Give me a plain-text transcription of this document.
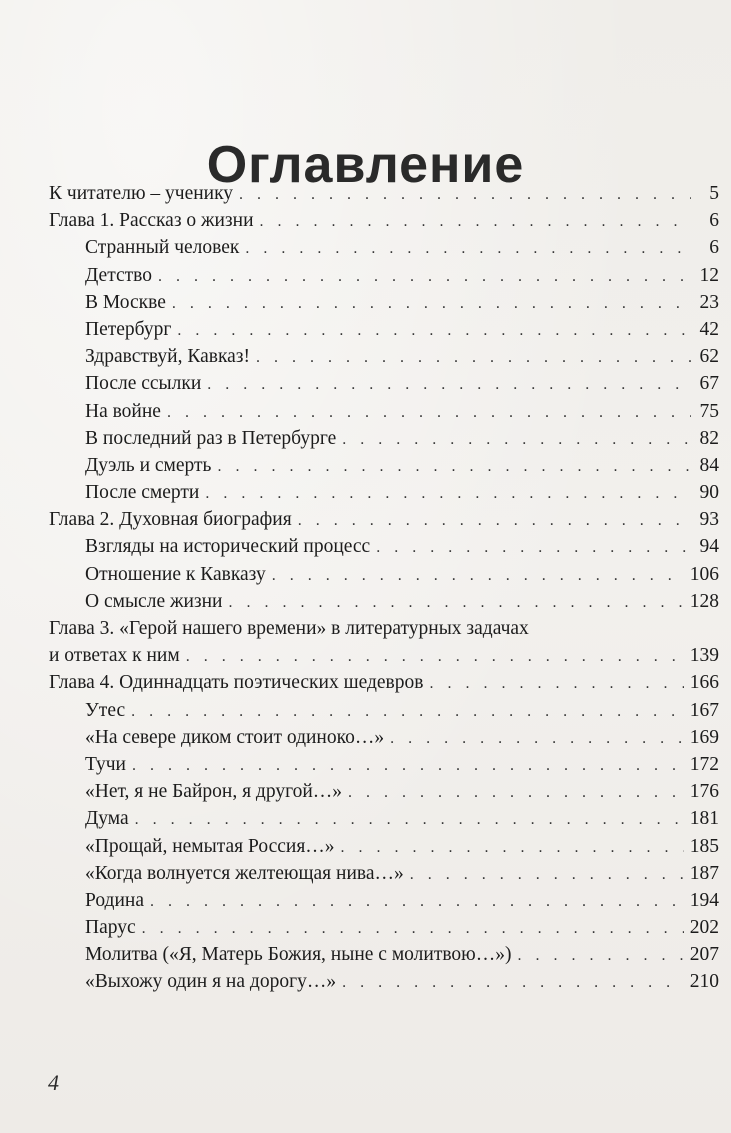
Оглавление
К читателю – ученику . . .	5
Глава 1. Рассказ о жизни . . .	6
Странный человек . . .	6
Детство . . .	12
В Москве . . .	23
Петербург . . .	42
Здравствуй, Кавказ! . . .	62
После ссылки . . .	67
На войне . . .	75
В последний раз в Петербурге . . .	82
Дуэль и смерть . . .	84
После смерти . . .	90
Глава 2. Духовная биография . . .	93
Взгляды на исторический процесс . . .	94
Отношение к Кавказу . . .	106
О смысле жизни . . .	128
Глава 3. «Герой нашего времени» в литературных задачах
и ответах к ним . . .	139
Глава 4. Одиннадцать поэтических шедевров . . .	166
Утес . . .	167
«На севере диком стоит одиноко…» . . .	169
Тучи . . .	172
«Нет, я не Байрон, я другой…» . . .	176
Дума . . .	181
«Прощай, немытая Россия…» . . .	185
«Когда волнуется желтеющая нива…» . . .	187
Родина . . .	194
Парус . . .	202
Молитва («Я, Матерь Божия, ныне с молитвою…») . . .	207
«Выхожу один я на дорогу…» . . .	210
4
